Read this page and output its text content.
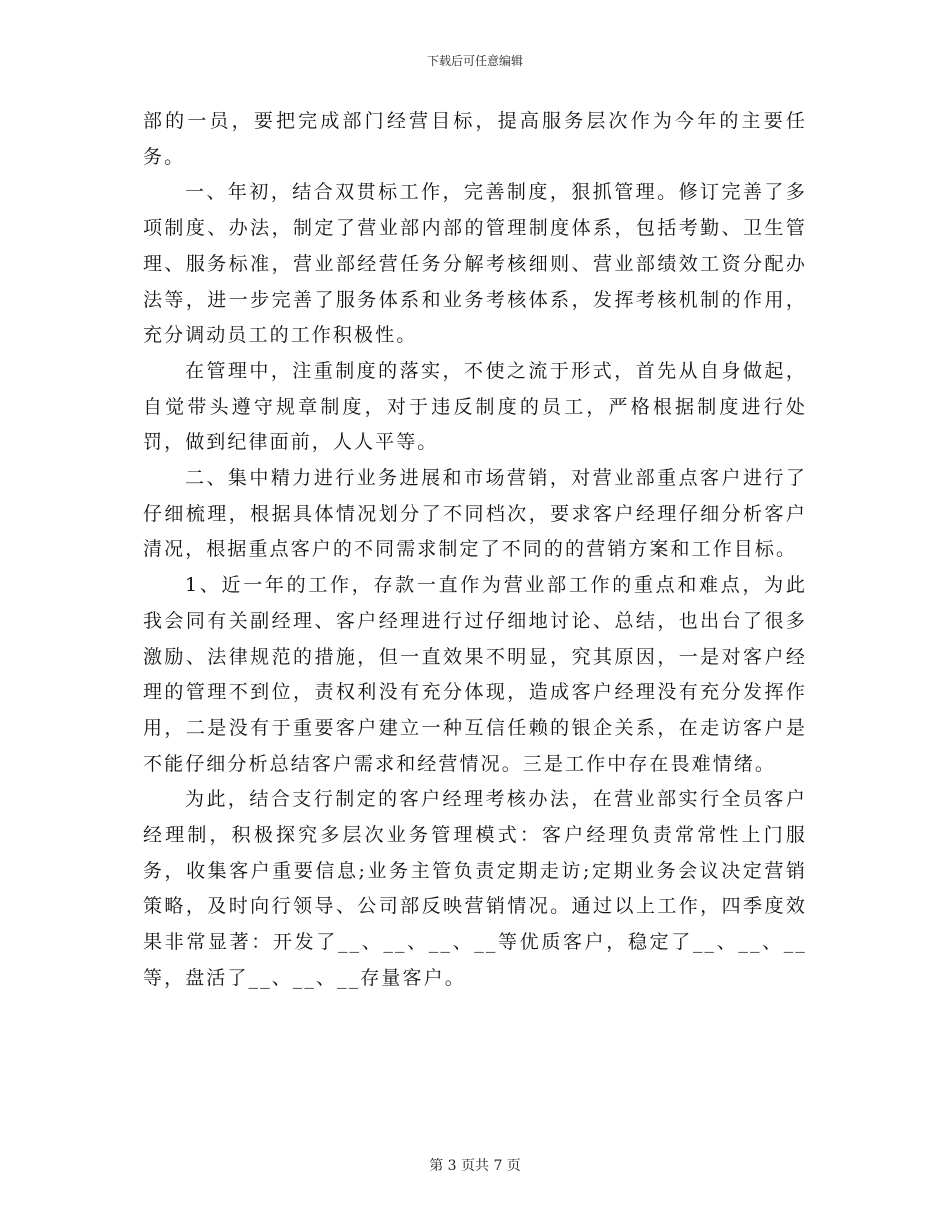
下载后可任意编辑

部的一员，要把完成部门经营目标，提高服务层次作为今年的主要任务。

一、年初，结合双贯标工作，完善制度，狠抓管理。修订完善了多项制度、办法，制定了营业部内部的管理制度体系，包括考勤、卫生管理、服务标准，营业部经营任务分解考核细则、营业部绩效工资分配办法等，进一步完善了服务体系和业务考核体系，发挥考核机制的作用，充分调动员工的工作积极性。

在管理中，注重制度的落实，不使之流于形式，首先从自身做起，自觉带头遵守规章制度，对于违反制度的员工，严格根据制度进行处罚，做到纪律面前，人人平等。

二、集中精力进行业务进展和市场营销，对营业部重点客户进行了仔细梳理，根据具体情况划分了不同档次，要求客户经理仔细分析客户清况，根据重点客户的不同需求制定了不同的的营销方案和工作目标。

1、近一年的工作，存款一直作为营业部工作的重点和难点，为此我会同有关副经理、客户经理进行过仔细地讨论、总结，也出台了很多激励、法律规范的措施，但一直效果不明显，究其原因，一是对客户经理的管理不到位，责权利没有充分体现，造成客户经理没有充分发挥作用，二是没有于重要客户建立一种互信任赖的银企关系，在走访客户是不能仔细分析总结客户需求和经营情况。三是工作中存在畏难情绪。

为此，结合支行制定的客户经理考核办法，在营业部实行全员客户经理制，积极探究多层次业务管理模式：客户经理负责常常性上门服务，收集客户重要信息;业务主管负责定期走访;定期业务会议决定营销策略，及时向行领导、公司部反映营销情况。通过以上工作，四季度效果非常显著：开发了__、__、__、__等优质客户，稳定了__、__、__等，盘活了__、__、__存量客户。

第 3 页共 7 页
